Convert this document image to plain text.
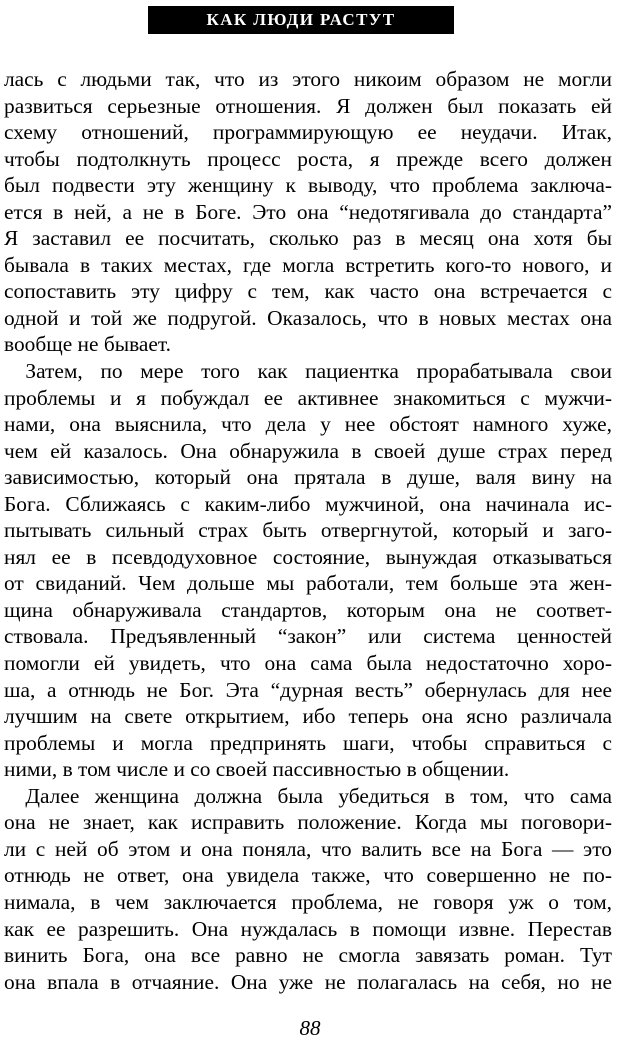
КАК ЛЮДИ РАСТУТ
лась с людьми так, что из этого никоим образом не могли
развиться серьезные отношения. Я должен был показать ей
схему отношений, программирующую ее неудачи. Итак,
чтобы подтолкнуть процесс роста, я прежде всего должен
был подвести эту женщину к выводу, что проблема заключа-
ется в ней, а не в Боге. Это она “недотягивала до стандарта”
Я заставил ее посчитать, сколько раз в месяц она хотя бы
бывала в таких местах, где могла встретить кого-то нового, и
сопоставить эту цифру с тем, как часто она встречается с
одной и той же подругой. Оказалось, что в новых местах она
вообще не бывает.
 Затем, по мере того как пациентка прорабатывала свои
проблемы и я побуждал ее активнее знакомиться с мужчи-
нами, она выяснила, что дела у нее обстоят намного хуже,
чем ей казалось. Она обнаружила в своей душе страх перед
зависимостью, который она прятала в душе, валя вину на
Бога. Сближаясь с каким-либо мужчиной, она начинала ис-
пытывать сильный страх быть отвергнутой, который и заго-
нял ее в псевдодуховное состояние, вынуждая отказываться
от свиданий. Чем дольше мы работали, тем больше эта жен-
щина обнаруживала стандартов, которым она не соответ-
ствовала. Предъявленный “закон” или система ценностей
помогли ей увидеть, что она сама была недостаточно хоро-
ша, а отнюдь не Бог. Эта “дурная весть” обернулась для нее
лучшим на свете открытием, ибо теперь она ясно различала
проблемы и могла предпринять шаги, чтобы справиться с
ними, в том числе и со своей пассивностью в общении.
 Далее женщина должна была убедиться в том, что сама
она не знает, как исправить положение. Когда мы поговори-
ли с ней об этом и она поняла, что валить все на Бога — это
отнюдь не ответ, она увидела также, что совершенно не по-
нимала, в чем заключается проблема, не говоря уж о том,
как ее разрешить. Она нуждалась в помощи извне. Перестав
винить Бога, она все равно не смогла завязать роман. Тут
она впала в отчаяние. Она уже не полагалась на себя, но не
88
